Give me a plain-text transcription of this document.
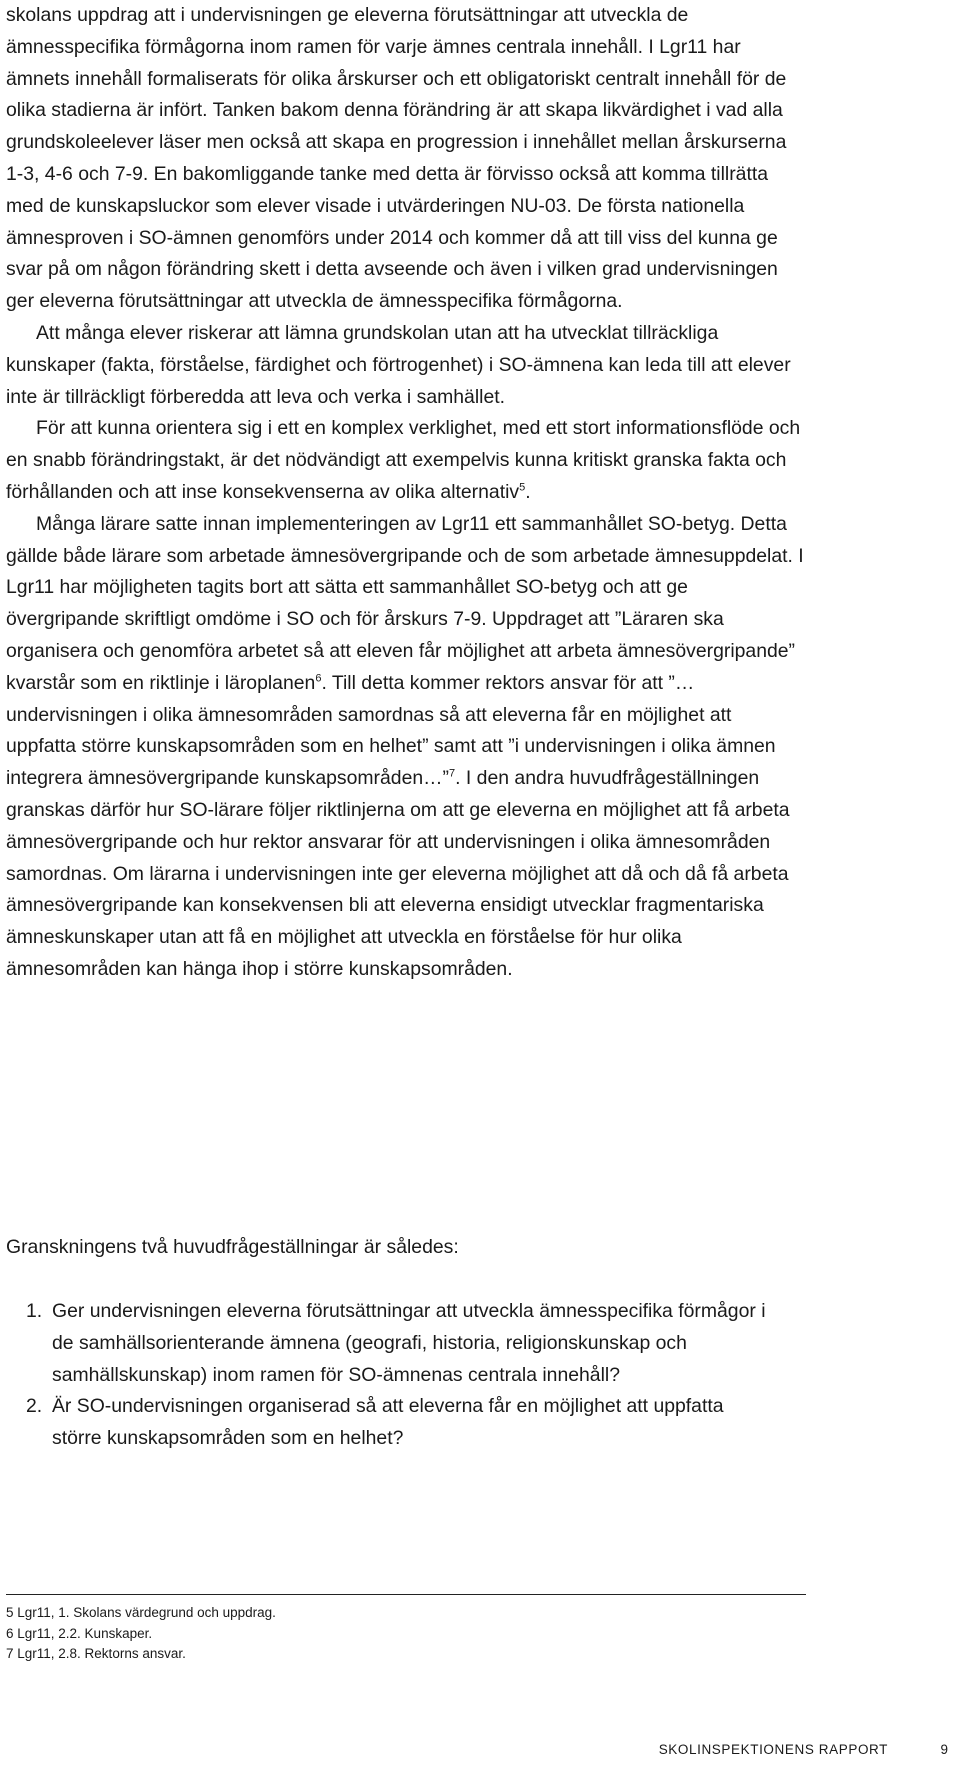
skolans uppdrag att i undervisningen ge eleverna förutsättningar att utveckla de ämnesspecifika förmågorna inom ramen för varje ämnes centrala innehåll. I Lgr11 har ämnets innehåll formaliserats för olika årskurser och ett obligatoriskt centralt innehåll för de olika stadierna är infört. Tanken bakom denna förändring är att skapa likvärdighet i vad alla grundskoleelever läser men också att skapa en progression i innehållet mellan årskurserna 1-3, 4-6 och 7-9. En bakomliggande tanke med detta är förvisso också att komma tillrätta med de kunskapsluckor som elever visade i utvärderingen NU-03. De första nationella ämnesproven i SO-ämnen genomförs under 2014 och kommer då att till viss del kunna ge svar på om någon förändring skett i detta avseende och även i vilken grad undervisningen ger eleverna förutsättningar att utveckla de ämnesspecifika förmågorna.

Att många elever riskerar att lämna grundskolan utan att ha utvecklat tillräckliga kunskaper (fakta, förståelse, färdighet och förtrogenhet) i SO-ämnena kan leda till att elever inte är tillräckligt förberedda att leva och verka i samhället.

För att kunna orientera sig i ett en komplex verklighet, med ett stort informationsflöde och en snabb förändringstakt, är det nödvändigt att exempelvis kunna kritiskt granska fakta och förhållanden och att inse konsekvenserna av olika alternativ$^5$.

Många lärare satte innan implementeringen av Lgr11 ett sammanhållet SO-betyg. Detta gällde både lärare som arbetade ämnesövergripande och de som arbetade ämnesuppdelat. I Lgr11 har möjligheten tagits bort att sätta ett sammanhållet SO-betyg och att ge övergripande skriftligt omdöme i SO och för årskurs 7-9. Uppdraget att ”Läraren ska organisera och genomföra arbetet så att eleven får möjlighet att arbeta ämnesövergripande” kvarstår som en riktlinje i läroplanen$^6$. Till detta kommer rektors ansvar för att ”… undervisningen i olika ämnesområden samordnas så att eleverna får en möjlighet att uppfatta större kunskapsområden som en helhet” samt att ”i undervisningen i olika ämnen integrera ämnesövergripande kunskapsområden…”$^7$. I den andra huvudfrågeställningen granskas därför hur SO-lärare följer riktlinjerna om att ge eleverna en möjlighet att få arbeta ämnesövergripande och hur rektor ansvarar för att undervisningen i olika ämnesområden samordnas. Om lärarna i undervisningen inte ger eleverna möjlighet att då och då få arbeta ämnesövergripande kan konsekvensen bli att eleverna ensidigt utvecklar fragmentariska ämneskunskaper utan att få en möjlighet att utveckla en förståelse för hur olika ämnesområden kan hänga ihop i större kunskapsområden.

Granskningens två huvudfrågeställningar är således:

1. Ger undervisningen eleverna förutsättningar att utveckla ämnesspecifika förmågor i de samhällsorienterande ämnena (geografi, historia, religionskunskap och samhällskunskap) inom ramen för SO-ämnenas centrala innehåll?
2. Är SO-undervisningen organiserad så att eleverna får en möjlighet att uppfatta större kunskapsområden som en helhet?
5 Lgr11, 1. Skolans värdegrund och uppdrag.
6 Lgr11, 2.2. Kunskaper.
7 Lgr11, 2.8. Rektorns ansvar.
SKOLINSPEKTIONENS RAPPORT	9
